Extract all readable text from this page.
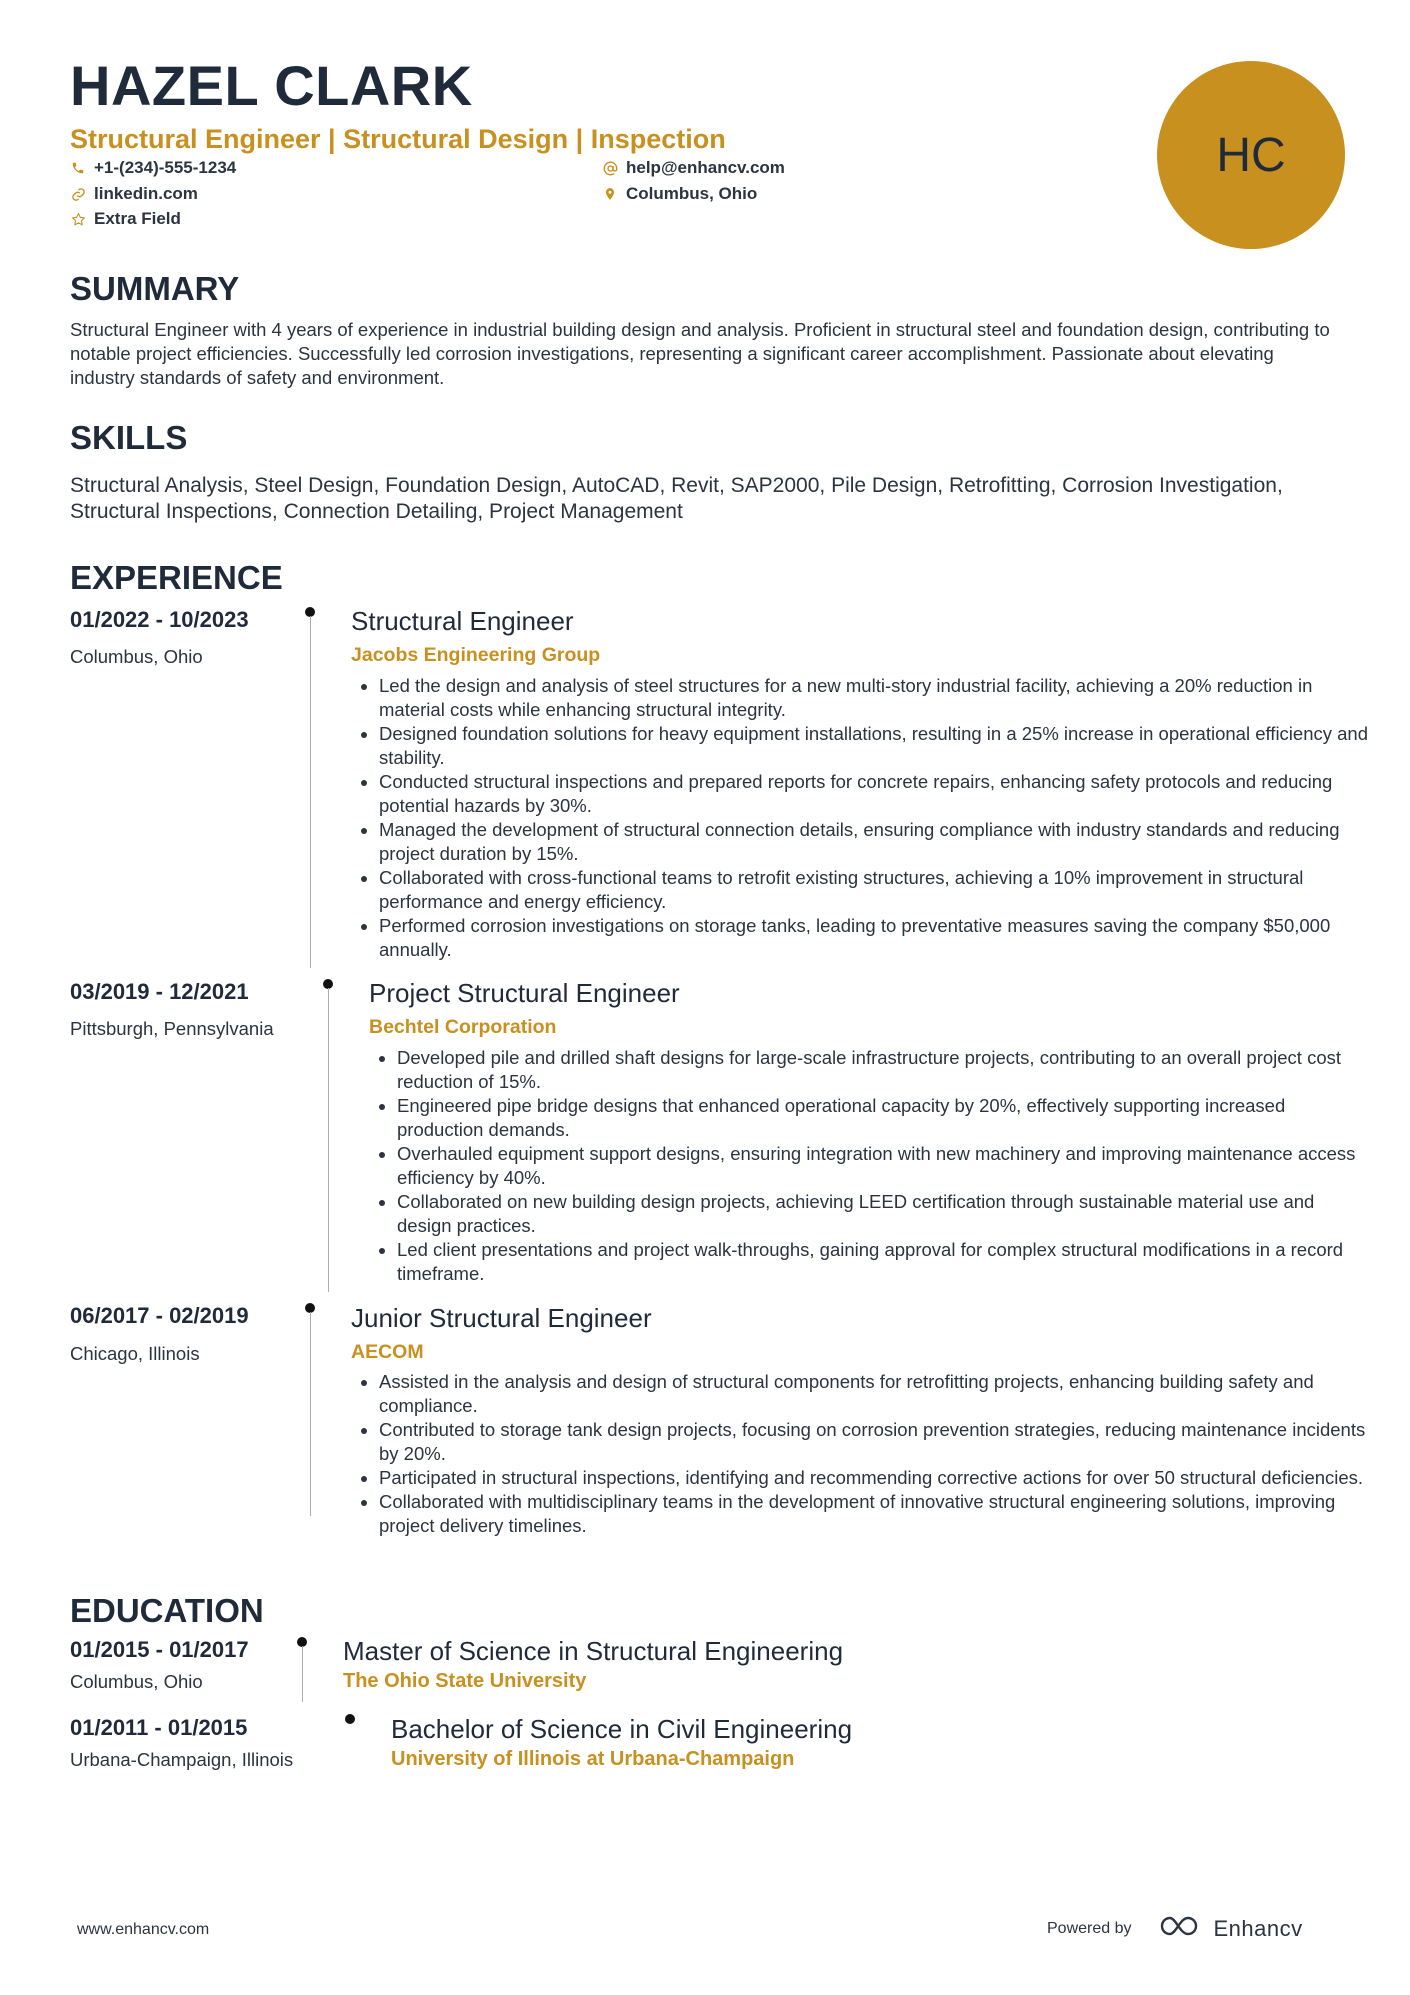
HAZEL CLARK
Structural Engineer | Structural Design | Inspection
+1-(234)-555-1234	help@enhancv.com
linkedin.com	Columbus, Ohio
Extra Field
HC
SUMMARY

Structural Engineer with 4 years of experience in industrial building design and analysis. Proficient in structural steel and foundation design, contributing to notable project efficiencies. Successfully led corrosion investigations, representing a significant career accomplishment. Passionate about elevating industry standards of safety and environment.

SKILLS

Structural Analysis, Steel Design, Foundation Design, AutoCAD, Revit, SAP2000, Pile Design, Retrofitting, Corrosion Investigation, Structural Inspections, Connection Detailing, Project Management

EXPERIENCE
01/2022 - 10/2023
Columbus, Ohio
Structural Engineer
Jacobs Engineering Group
• Led the design and analysis of steel structures for a new multi-story industrial facility, achieving a 20% reduction in material costs while enhancing structural integrity.
• Designed foundation solutions for heavy equipment installations, resulting in a 25% increase in operational efficiency and stability.
• Conducted structural inspections and prepared reports for concrete repairs, enhancing safety protocols and reducing potential hazards by 30%.
• Managed the development of structural connection details, ensuring compliance with industry standards and reducing project duration by 15%.
• Collaborated with cross-functional teams to retrofit existing structures, achieving a 10% improvement in structural performance and energy efficiency.
• Performed corrosion investigations on storage tanks, leading to preventative measures saving the company $50,000 annually.
03/2019 - 12/2021
Pittsburgh, Pennsylvania
Project Structural Engineer
Bechtel Corporation
• Developed pile and drilled shaft designs for large-scale infrastructure projects, contributing to an overall project cost reduction of 15%.
• Engineered pipe bridge designs that enhanced operational capacity by 20%, effectively supporting increased production demands.
• Overhauled equipment support designs, ensuring integration with new machinery and improving maintenance access efficiency by 40%.
• Collaborated on new building design projects, achieving LEED certification through sustainable material use and design practices.
• Led client presentations and project walk-throughs, gaining approval for complex structural modifications in a record timeframe.
06/2017 - 02/2019
Chicago, Illinois
Junior Structural Engineer
AECOM
• Assisted in the analysis and design of structural components for retrofitting projects, enhancing building safety and compliance.
• Contributed to storage tank design projects, focusing on corrosion prevention strategies, reducing maintenance incidents by 20%.
• Participated in structural inspections, identifying and recommending corrective actions for over 50 structural deficiencies.
• Collaborated with multidisciplinary teams in the development of innovative structural engineering solutions, improving project delivery timelines.
EDUCATION
01/2015 - 01/2017
Columbus, Ohio
Master of Science in Structural Engineering
The Ohio State University
01/2011 - 01/2015
Urbana-Champaign, Illinois
Bachelor of Science in Civil Engineering
University of Illinois at Urbana-Champaign
www.enhancv.com	Powered by	Enhancv
